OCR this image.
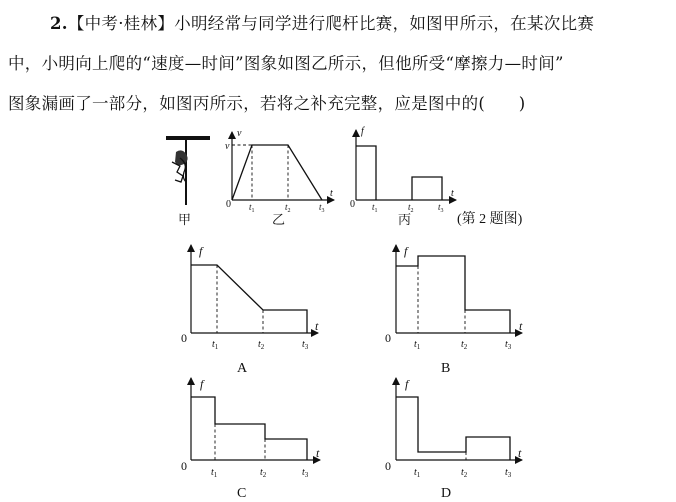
2.【中考·桂林】小明经常与同学进行爬杆比赛，如图甲所示，在某次比赛
中，小明向上爬的“速度—时间”图象如图乙所示，但他所受“摩擦力—时间”
图象漏画了一部分，如图丙所示，若将之补充完整，应是图中的(　　)
甲
v
v
t
0 $t_1$	$t_2$	$t_3$
乙
f
t
0 $t_1$	$t_2$	$t_3$
丙	(第 2 题图)
f
t
0	$t_1$	$t_2$	$t_3$
A
f
t
0 $t_1$	$t_2$	$t_3$
B
f
t
0 $t_1$	$t_2$	$t_3$
C
f
t
0 $t_1$	$t_2$	$t_3$
D
